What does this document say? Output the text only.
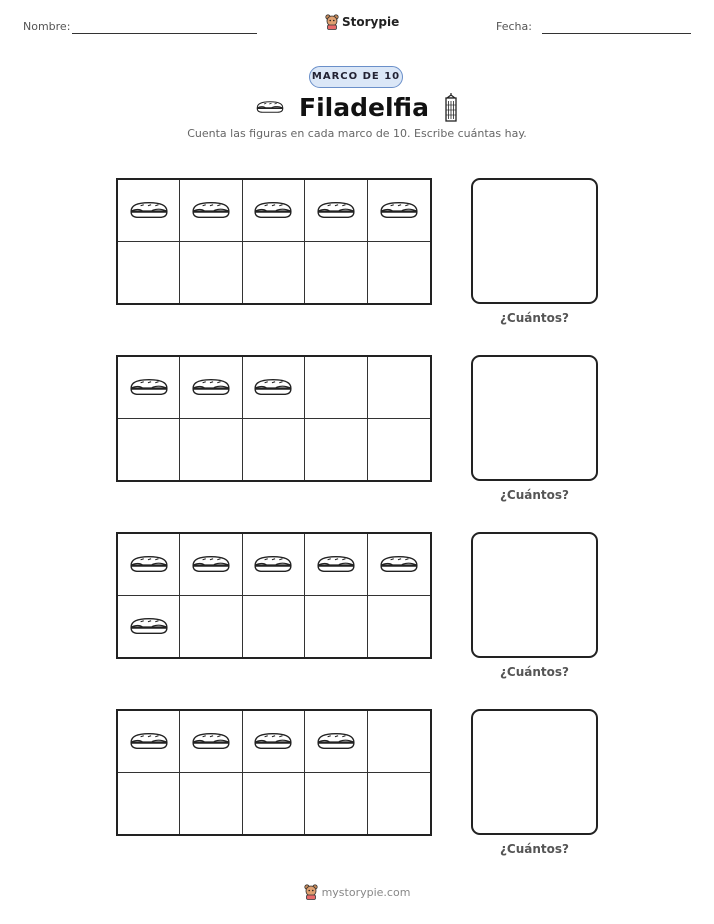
Nombre:	Storypie	Fecha:
MARCO DE 10
Filadelfia
Cuenta las figuras en cada marco de 10. Escribe cuántas hay.
¿Cuántos?
¿Cuántos?
¿Cuántos?
¿Cuántos?
mystorypie.com
